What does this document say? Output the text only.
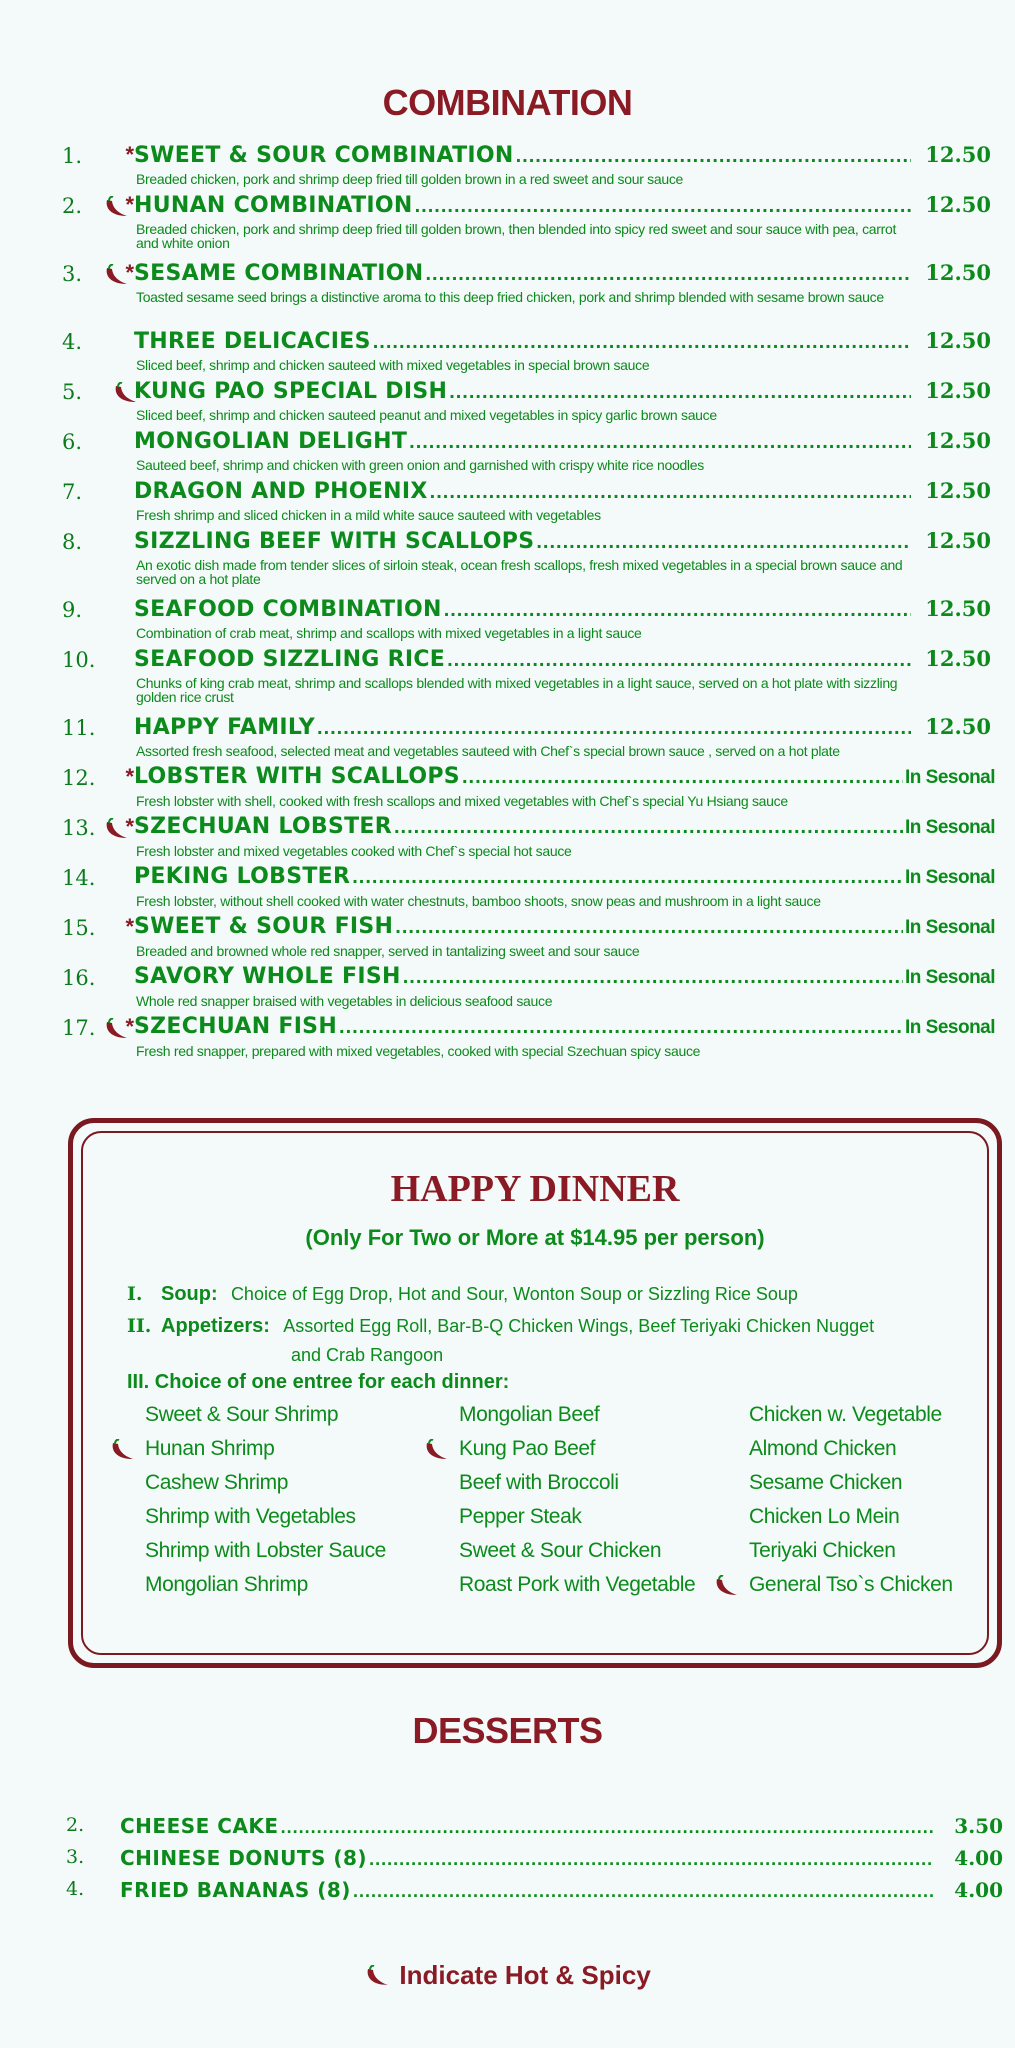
COMBINATION
1.	* SWEET & SOUR COMBINATION .....	12.50
Breaded chicken, pork and shrimp deep fried till golden brown in a red sweet and sour sauce
2.	* HUNAN COMBINATION .....	12.50
Breaded chicken, pork and shrimp deep fried till golden brown, then blended into spicy red sweet and sour sauce with pea, carrot and white onion
3.	* SESAME COMBINATION .....	12.50
Toasted sesame seed brings a distinctive aroma to this deep fried chicken, pork and shrimp blended with sesame brown sauce
4. THREE DELICACIES .....	12.50
Sliced beef, shrimp and chicken sauteed with mixed vegetables in special brown sauce
5. KUNG PAO SPECIAL DISH .....	12.50
Sliced beef, shrimp and chicken sauteed peanut and mixed vegetables in spicy garlic brown sauce
6. MONGOLIAN DELIGHT .....	12.50
Sauteed beef, shrimp and chicken with green onion and garnished with crispy white rice noodles
7. DRAGON AND PHOENIX .....	12.50
Fresh shrimp and sliced chicken in a mild white sauce sauteed with vegetables
8. SIZZLING BEEF WITH SCALLOPS .....	12.50
An exotic dish made from tender slices of sirloin steak, ocean fresh scallops, fresh mixed vegetables in a special brown sauce and served on a hot plate
9. SEAFOOD COMBINATION .....	12.50
Combination of crab meat, shrimp and scallops with mixed vegetables in a light sauce
10. SEAFOOD SIZZLING RICE .....	12.50
Chunks of king crab meat, shrimp and scallops blended with mixed vegetables in a light sauce, served on a hot plate with sizzling golden rice crust
11. HAPPY FAMILY .....	12.50
Assorted fresh seafood, selected meat and vegetables sauteed with Chef`s special brown sauce , served on a hot plate
12.	* LOBSTER WITH SCALLOPS .....	In Sesonal
Fresh lobster with shell, cooked with fresh scallops and mixed vegetables with Chef`s special Yu Hsiang sauce
13.	* SZECHUAN LOBSTER .....	In Sesonal
Fresh lobster and mixed vegetables cooked with Chef`s special hot sauce
14. PEKING LOBSTER .....	In Sesonal
Fresh lobster, without shell cooked with water chestnuts, bamboo shoots, snow peas and mushroom in a light sauce
15.	* SWEET & SOUR FISH .....	In Sesonal
Breaded and browned whole red snapper, served in tantalizing sweet and sour sauce
16. SAVORY WHOLE FISH .....	In Sesonal
Whole red snapper braised with vegetables in delicious seafood sauce
17.	* SZECHUAN FISH .....	In Sesonal
Fresh red snapper, prepared with mixed vegetables, cooked with special Szechuan spicy sauce
HAPPY DINNER
(Only For Two or More at $14.95 per person)
I. Soup: Choice of Egg Drop, Hot and Sour, Wonton Soup or Sizzling Rice Soup
II. Appetizers: Assorted Egg Roll, Bar-B-Q Chicken Wings, Beef Teriyaki Chicken Nugget
and Crab Rangoon
III. Choice of one entree for each dinner:
Sweet & Sour Shrimp
Hunan Shrimp
Cashew Shrimp
Shrimp with Vegetables
Shrimp with Lobster Sauce
Mongolian Shrimp
Mongolian Beef
Kung Pao Beef
Beef with Broccoli
Pepper Steak
Sweet & Sour Chicken
Roast Pork with Vegetable
Chicken w. Vegetable
Almond Chicken
Sesame Chicken
Chicken Lo Mein
Teriyaki Chicken
General Tso`s Chicken
DESSERTS
2. CHEESE CAKE .....	3.50
3. CHINESE DONUTS (8) .....	4.00
4. FRIED BANANAS (8) .....	4.00
Indicate Hot & Spicy
